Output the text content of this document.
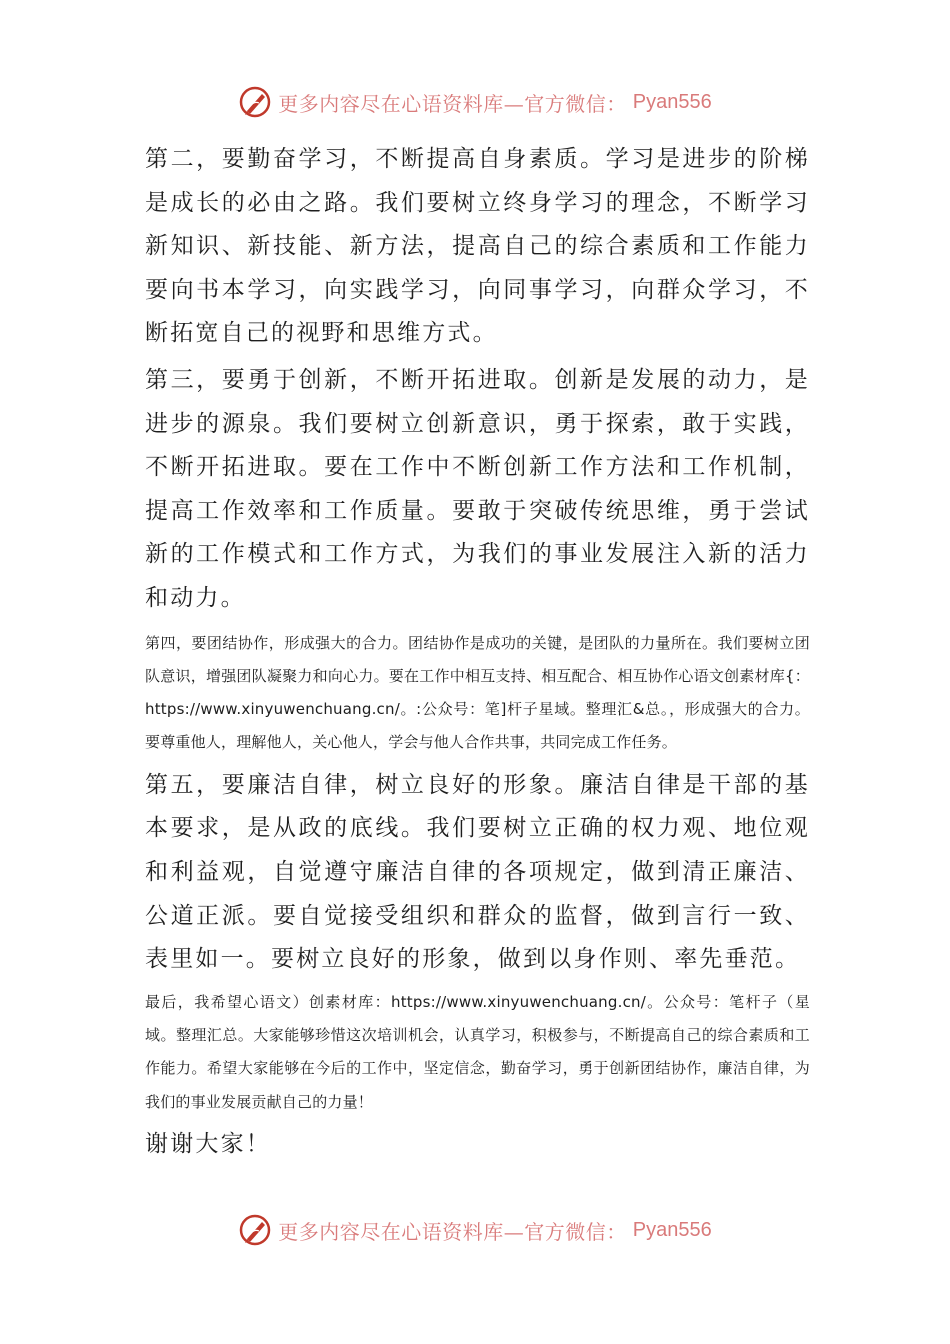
更多内容尽在心语资料库—官方微信： Pyan556

第二，要勤奋学习，不断提高自身素质。学习是进步的阶梯是成长的必由之路。我们要树立终身学习的理念，不断学习新知识、新技能、新方法，提高自己的综合素质和工作能力要向书本学习，向实践学习，向同事学习，向群众学习，不断拓宽自己的视野和思维方式。

第三，要勇于创新，不断开拓进取。创新是发展的动力，是进步的源泉。我们要树立创新意识，勇于探索，敢于实践，不断开拓进取。要在工作中不断创新工作方法和工作机制，提高工作效率和工作质量。要敢于突破传统思维，勇于尝试新的工作模式和工作方式，为我们的事业发展注入新的活力和动力。

第四，要团结协作，形成强大的合力。团结协作是成功的关键，是团队的力量所在。我们要树立团队意识，增强团队凝聚力和向心力。要在工作中相互支持、相互配合、相互协作心语文创素材库{：https://www.xinyuwenchuang.cn/。:公众号：笔]杆子星域。整理汇&总。，形成强大的合力。要尊重他人，理解他人，关心他人，学会与他人合作共事，共同完成工作任务。

第五，要廉洁自律，树立良好的形象。廉洁自律是干部的基本要求，是从政的底线。我们要树立正确的权力观、地位观和利益观，自觉遵守廉洁自律的各项规定，做到清正廉洁、公道正派。要自觉接受组织和群众的监督，做到言行一致、表里如一。要树立良好的形象，做到以身作则、率先垂范。

最后，我希望心语文）创素材库：https://www.xinyuwenchuang.cn/。公众号：笔杆子（星域。整理汇总。大家能够珍惜这次培训机会，认真学习，积极参与，不断提高自己的综合素质和工作能力。希望大家能够在今后的工作中，坚定信念，勤奋学习，勇于创新团结协作，廉洁自律，为我们的事业发展贡献自己的力量！

谢谢大家！

更多内容尽在心语资料库—官方微信： Pyan556
